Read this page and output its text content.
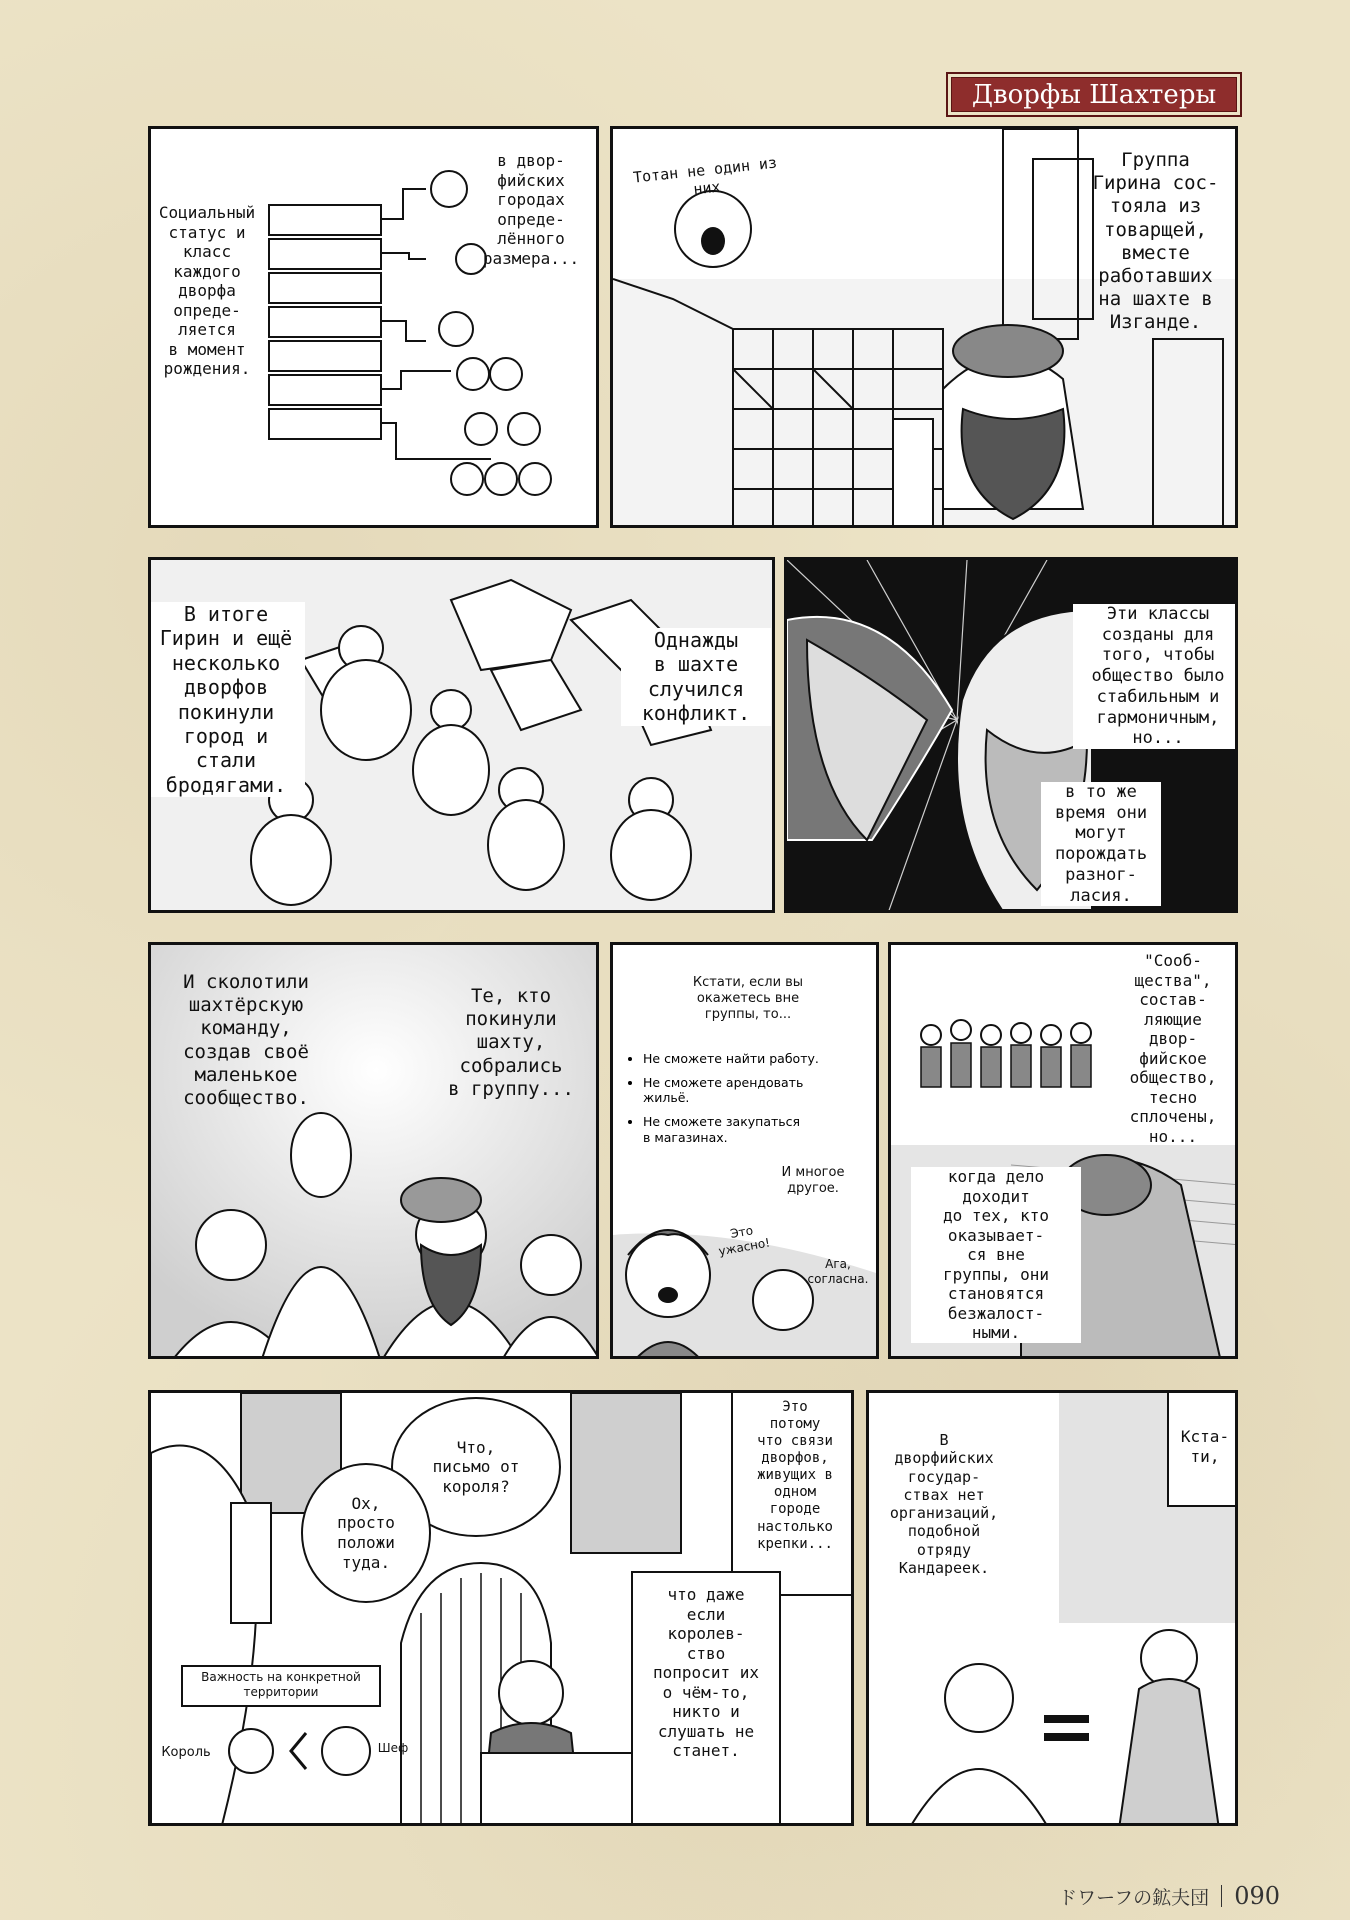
Дворфы Шахтеры
Социальный
статус и
класс
каждого
дворфа
опреде-
ляется
в момент
рождения.
в двор-
фийских
городах
опреде-
лённого
размера...
Тотан не один из них
Группа
Гирина сос-
тояла из
товарщей,
вместе
работавших
на шахте в
Изганде.
В итоге
Гирин и ещё
несколько
дворфов
покинули
город и
стали
бродягами.
Однажды
в шахте
случился
конфликт.
Эти классы
созданы для
того, чтобы
общество было
стабильным и
гармоничным,
но...
в то же
время они
могут
порождать
разног-
ласия.
И сколотили
шахтёрскую
команду,
создав своё
маленькое
сообщество.
Те, кто
покинули
шахту,
собрались
в группу...
Кстати, если вы
окажетесь вне
группы, то...
• Не сможете найти работу.
• Не сможете арендовать
жильё.
• Не сможете закупаться
в магазинах.
И многое
другое.
Это
ужасно!
Ага,
согласна.
"Сооб-
щества",
состав-
ляющие
двор-
фийское
общество,
тесно
сплочены,
но...
когда дело
доходит
до тех, кто
оказывает-
ся вне
группы, они
становятся
безжалост-
ными.
Что,
письмо от
короля?
Ох,
просто
положи
туда.
Это
потому
что связи
дворфов,
живущих в
одном
городе
настолько
крепки...
что даже
если
королев-
ство
попросит их
о чём-то,
никто и
слушать не
станет.
Важность на конкретной
территории
Король	Шеф
В
дворфийских
государ-
ствах нет
организаций,
подобной
отряду
Кандареек.
Кста-
ти,
ドワーフの鉱夫団 090
